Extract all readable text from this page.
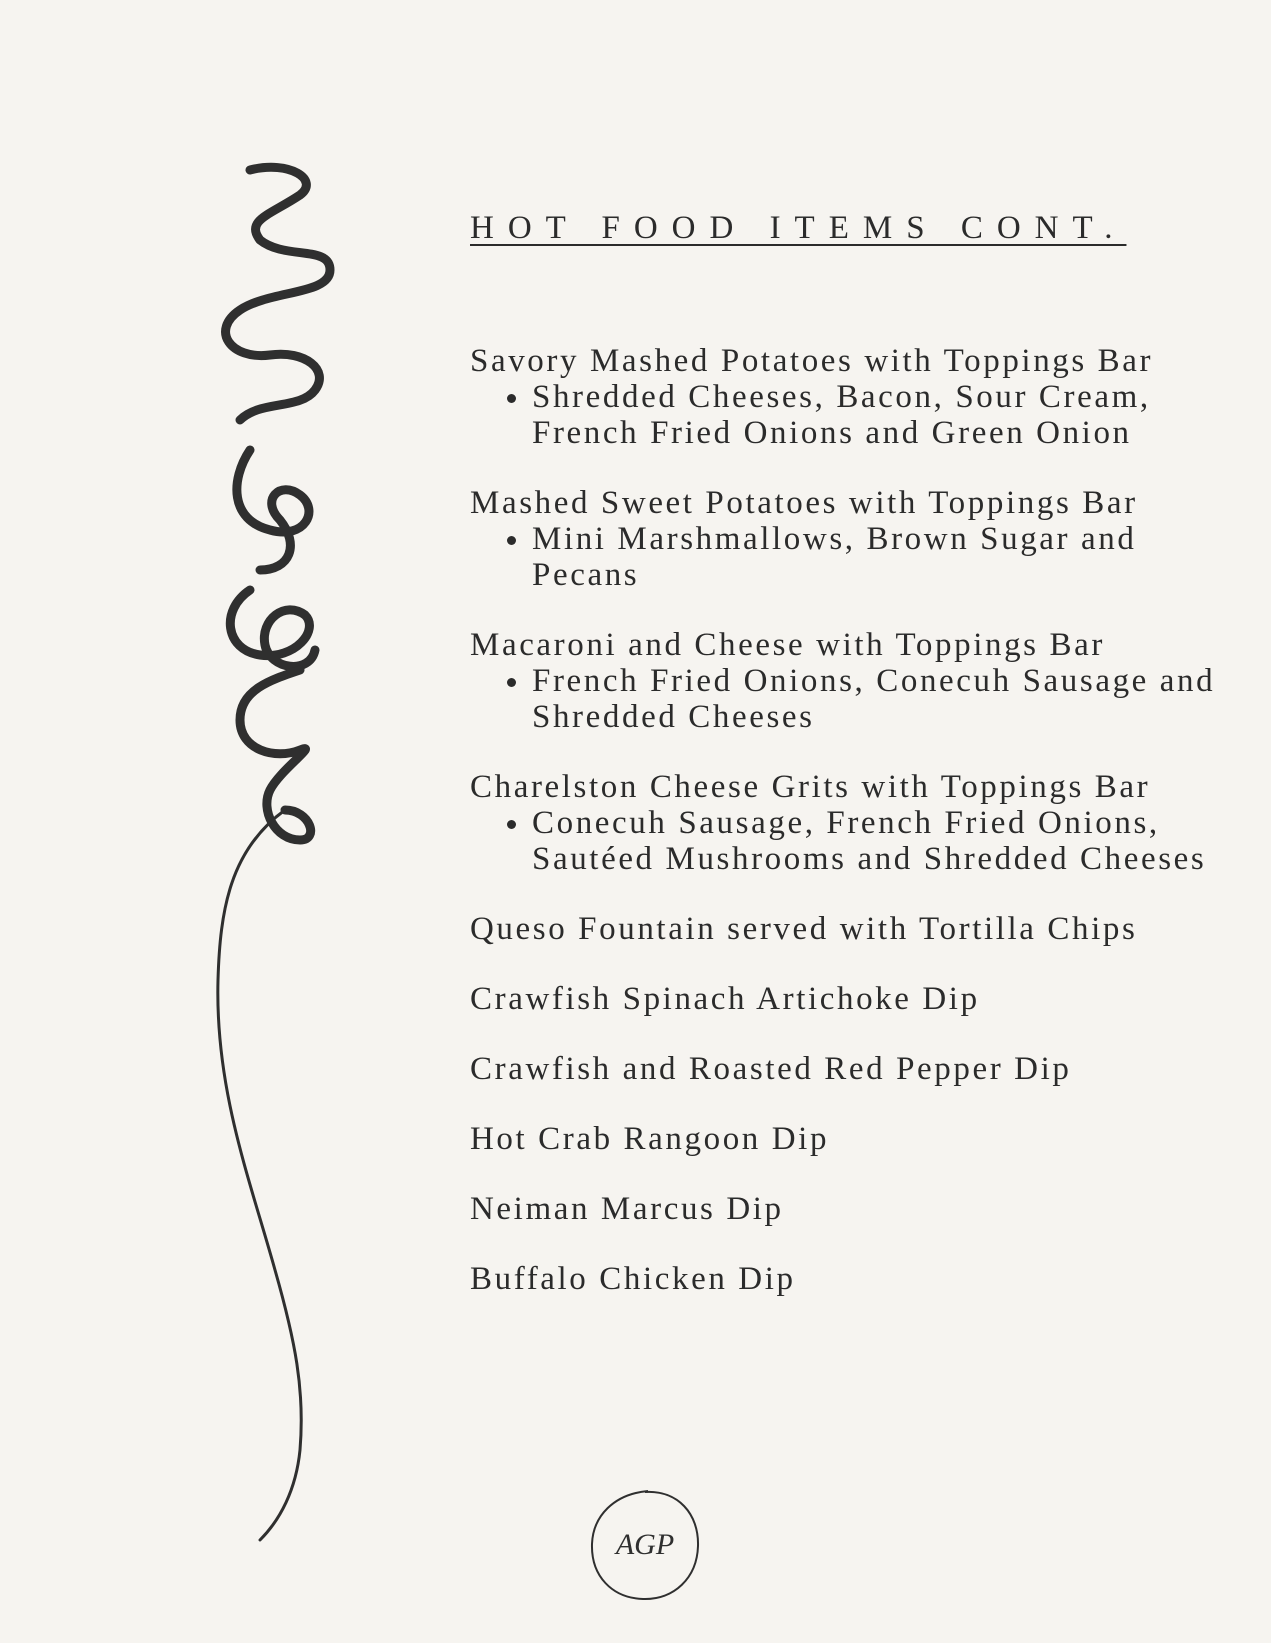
HOT FOOD ITEMS CONT.
Savory Mashed Potatoes with Toppings Bar
• Shredded Cheeses, Bacon, Sour Cream, French Fried Onions and Green Onion
Mashed Sweet Potatoes with Toppings Bar
• Mini Marshmallows, Brown Sugar and Pecans
Macaroni and Cheese with Toppings Bar
• French Fried Onions, Conecuh Sausage and Shredded Cheeses
Charelston Cheese Grits with Toppings Bar
• Conecuh Sausage, French Fried Onions, Sautéed Mushrooms and Shredded Cheeses
Queso Fountain served with Tortilla Chips
Crawfish Spinach Artichoke Dip
Crawfish and Roasted Red Pepper Dip
Hot Crab Rangoon Dip
Neiman Marcus Dip
Buffalo Chicken Dip
AGP
